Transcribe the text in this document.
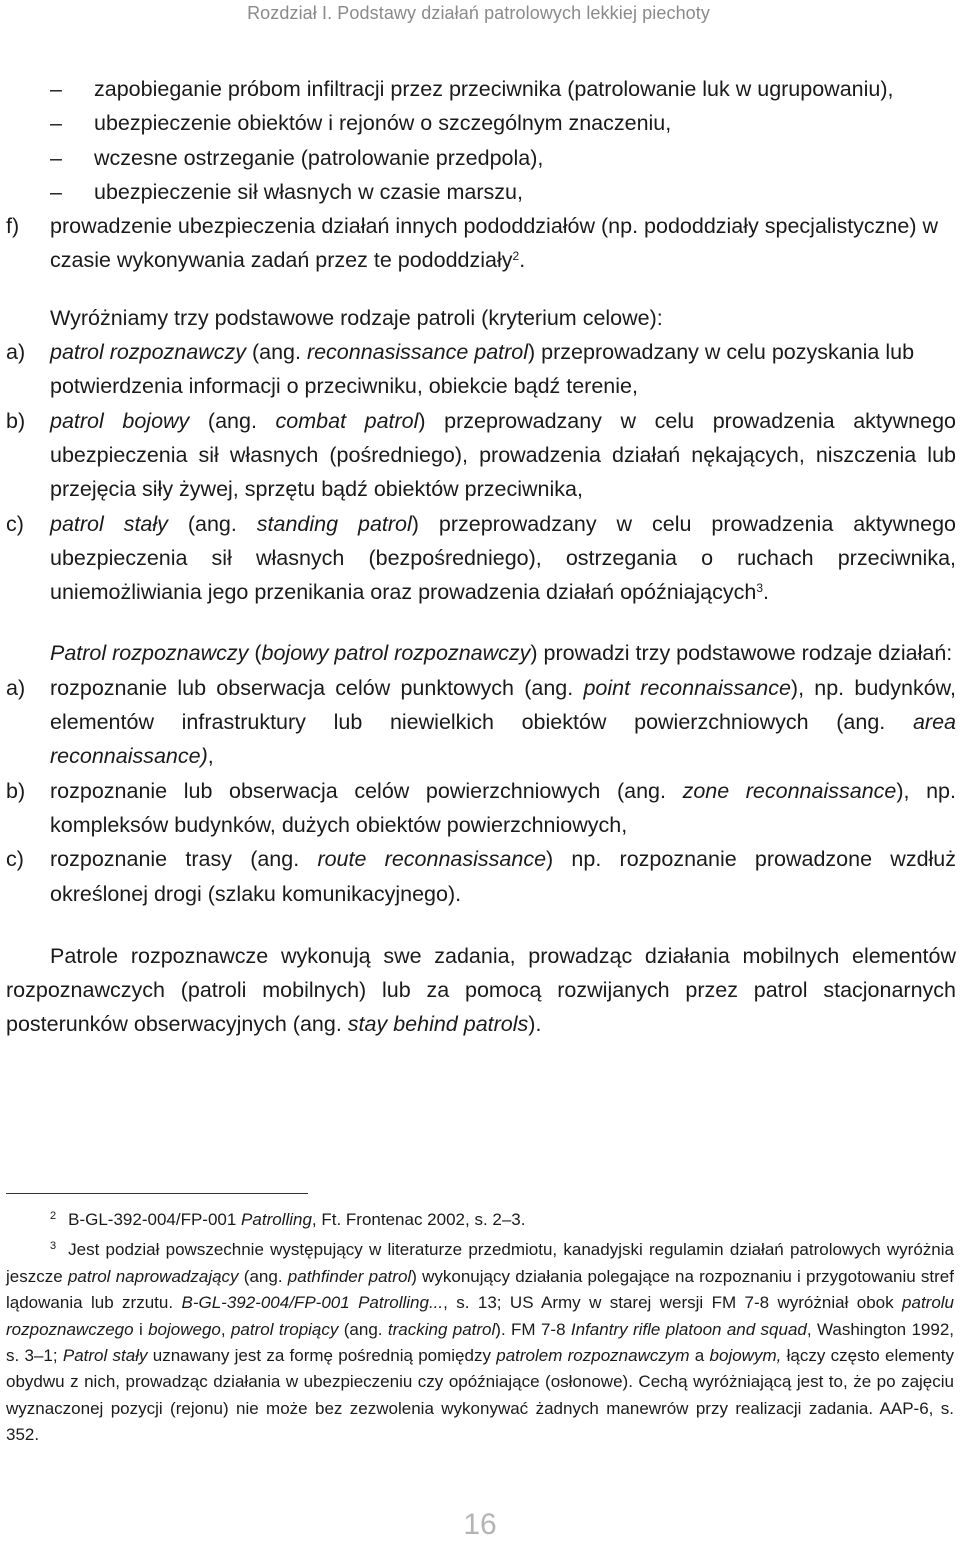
Rozdział I. Podstawy działań patrolowych lekkiej piechoty
–	zapobieganie próbom infiltracji przez przeciwnika (patrolowanie luk w ugrupowaniu),
–	ubezpieczenie obiektów i rejonów o szczególnym znaczeniu,
–	wczesne ostrzeganie (patrolowanie przedpola),
–	ubezpieczenie sił własnych w czasie marszu,
f)	prowadzenie ubezpieczenia działań innych pododdziałów (np. pododdziały specjalistyczne) w czasie wykonywania zadań przez te pododdziały$^2$.
Wyróżniamy trzy podstawowe rodzaje patroli (kryterium celowe):
a)	patrol rozpoznawczy (ang. reconnasissance patrol) przeprowadzany w celu pozyskania lub potwierdzenia informacji o przeciwniku, obiekcie bądź terenie,
b)	patrol bojowy (ang. combat patrol) przeprowadzany w celu prowadzenia aktywnego ubezpieczenia sił własnych (pośredniego), prowadzenia działań nękających, niszczenia lub przejęcia siły żywej, sprzętu bądź obiektów przeciwnika,
c)	patrol stały (ang. standing patrol) przeprowadzany w celu prowadzenia aktywnego ubezpieczenia sił własnych (bezpośredniego), ostrzegania o ruchach przeciwnika, uniemożliwiania jego przenikania oraz prowadzenia działań opóźniających$^3$.
Patrol rozpoznawczy (bojowy patrol rozpoznawczy) prowadzi trzy podstawowe rodzaje działań:
a)	rozpoznanie lub obserwacja celów punktowych (ang. point reconnaissance), np. budynków, elementów infrastruktury lub niewielkich obiektów powierzchniowych (ang. area reconnaissance),
b)	rozpoznanie lub obserwacja celów powierzchniowych (ang. zone reconnaissance), np. kompleksów budynków, dużych obiektów powierzchniowych,
c)	rozpoznanie trasy (ang. route reconnasissance) np. rozpoznanie prowadzone wzdłuż określonej drogi (szlaku komunikacyjnego).
Patrole rozpoznawcze wykonują swe zadania, prowadząc działania mobilnych elementów rozpoznawczych (patroli mobilnych) lub za pomocą rozwijanych przez patrol stacjonarnych posterunków obserwacyjnych (ang. stay behind patrols).
$^2$ B-GL-392-004/FP-001 Patrolling, Ft. Frontenac 2002, s. 2–3.
$^3$ Jest podział powszechnie występujący w literaturze przedmiotu, kanadyjski regulamin działań patrolowych wyróżnia jeszcze patrol naprowadzający (ang. pathfinder patrol) wykonujący działania polegające na rozpoznaniu i przygotowaniu stref lądowania lub zrzutu. B-GL-392-004/FP-001 Patrolling..., s. 13; US Army w starej wersji FM 7-8 wyróżniał obok patrolu rozpoznawczego i bojowego, patrol tropiący (ang. tracking patrol). FM 7-8 Infantry rifle platoon and squad, Washington 1992, s. 3–1; Patrol stały uznawany jest za formę pośrednią pomiędzy patrolem rozpoznawczym a bojowym, łączy często elementy obydwu z nich, prowadząc działania w ubezpieczeniu czy opóźniające (osłonowe). Cechą wyróżniającą jest to, że po zajęciu wyznaczonej pozycji (rejonu) nie może bez zezwolenia wykonywać żadnych manewrów przy realizacji zadania. AAP-6, s. 352.
16
